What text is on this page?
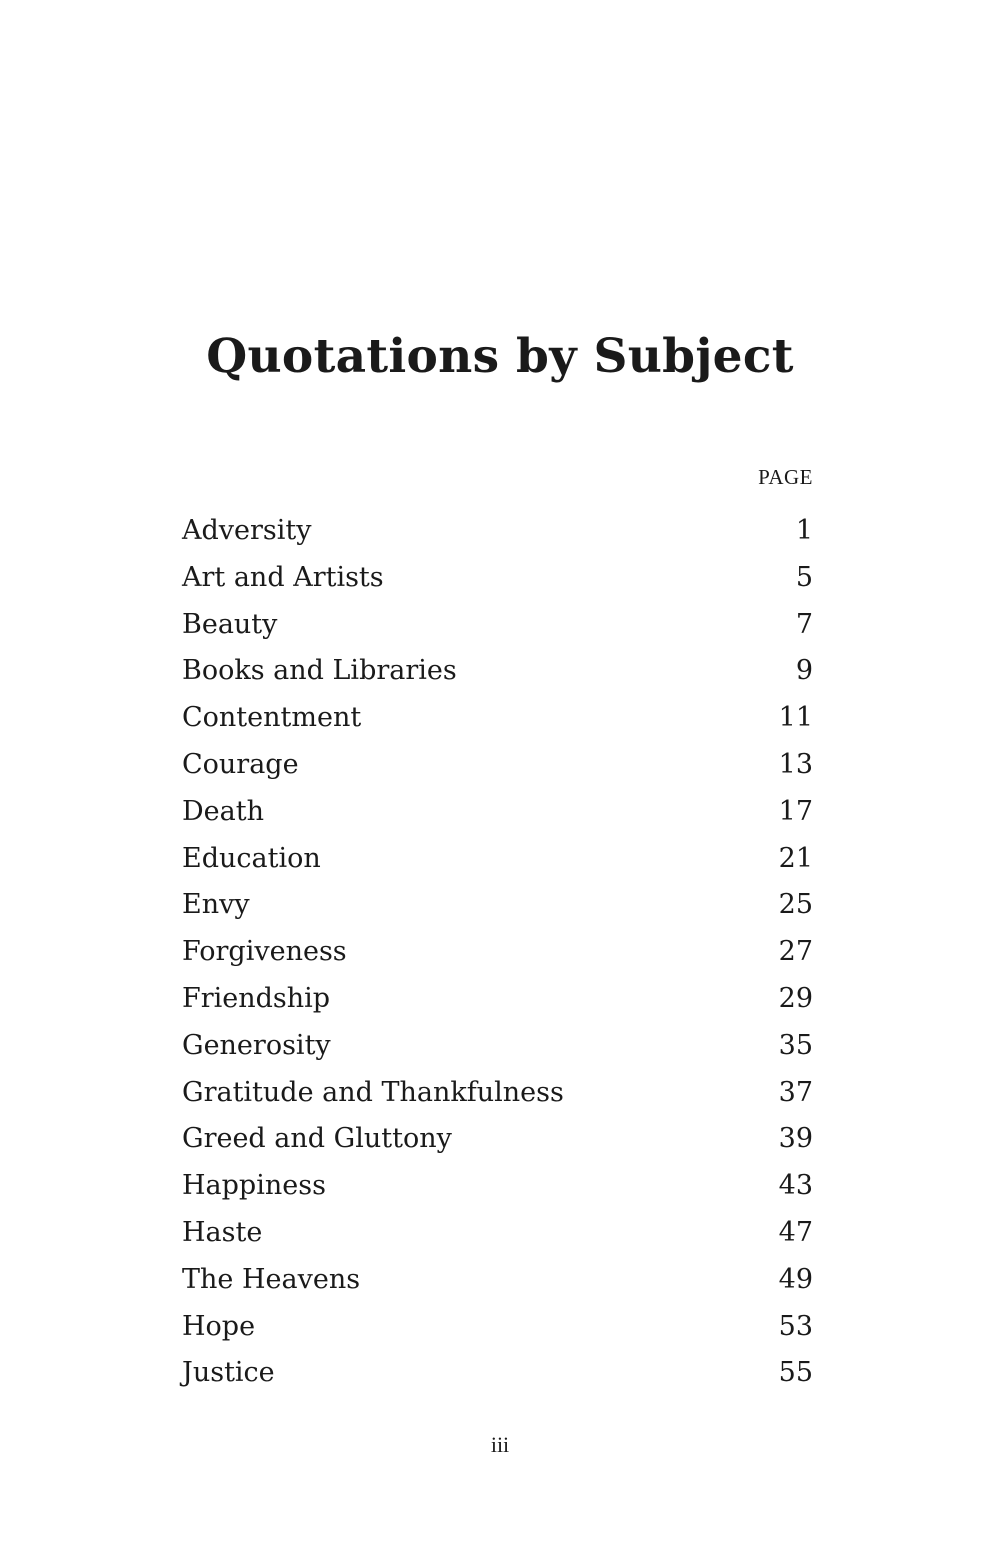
Quotations by Subject
PAGE
Adversity	1
Art and Artists	5
Beauty	7
Books and Libraries	9
Contentment	11
Courage	13
Death	17
Education	21
Envy	25
Forgiveness	27
Friendship	29
Generosity	35
Gratitude and Thankfulness	37
Greed and Gluttony	39
Happiness	43
Haste	47
The Heavens	49
Hope	53
Justice	55
iii
